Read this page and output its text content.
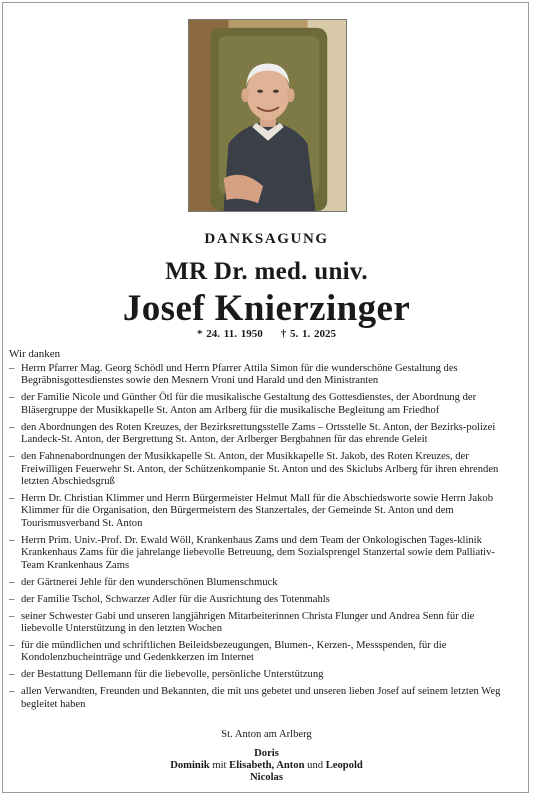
DANKSAGUNG
MR Dr. med. univ.
Josef Knierzinger
* 24. 11. 1950 † 5. 1. 2025
Wir danken
– Herrn Pfarrer Mag. Georg Schödl und Herrn Pfarrer Attila Simon für die wunderschöne Gestaltung des Begräbnisgottesdienstes sowie den Mesnern Vroni und Harald und den Ministranten
– der Familie Nicole und Günther Ötl für die musikalische Gestaltung des Gottesdienstes, der Abordnung der Bläsergruppe der Musikkapelle St. Anton am Arlberg für die musikalische Begleitung am Friedhof
– den Abordnungen des Roten Kreuzes, der Bezirksrettungsstelle Zams – Ortsstelle St. Anton, der Bezirks-polizei Landeck-St. Anton, der Bergrettung St. Anton, der Arlberger Bergbahnen für das ehrende Geleit
– den Fahnenabordnungen der Musikkapelle St. Anton, der Musikkapelle St. Jakob, des Roten Kreuzes, der Freiwilligen Feuerwehr St. Anton, der Schützenkompanie St. Anton und des Skiclubs Arlberg für ihren ehrenden letzten Abschiedsgruß
– Herrn Dr. Christian Klimmer und Herrn Bürgermeister Helmut Mall für die Abschiedsworte sowie Herrn Jakob Klimmer für die Organisation, den Bürgermeistern des Stanzertales, der Gemeinde St. Anton und dem Tourismusverband St. Anton
– Herrn Prim. Univ.-Prof. Dr. Ewald Wöll, Krankenhaus Zams und dem Team der Onkologischen Tages-klinik Krankenhaus Zams für die jahrelange liebevolle Betreuung, dem Sozialsprengel Stanzertal sowie dem Palliativ-Team Krankenhaus Zams
– der Gärtnerei Jehle für den wunderschönen Blumenschmuck
– der Familie Tschol, Schwarzer Adler für die Ausrichtung des Totenmahls
– seiner Schwester Gabi und unseren langjährigen Mitarbeiterinnen Christa Flunger und Andrea Senn für die liebevolle Unterstützung in den letzten Wochen
– für die mündlichen und schriftlichen Beileidsbezeugungen, Blumen-, Kerzen-, Messspenden, für die Kondolenzbucheinträge und Gedenkkerzen im Internet
– der Bestattung Dellemann für die liebevolle, persönliche Unterstützung
– allen Verwandten, Freunden und Bekannten, die mit uns gebetet und unseren lieben Josef auf seinem letzten Weg begleitet haben
St. Anton am Arlberg
Doris
Dominik mit Elisabeth, Anton und Leopold
Nicolas
